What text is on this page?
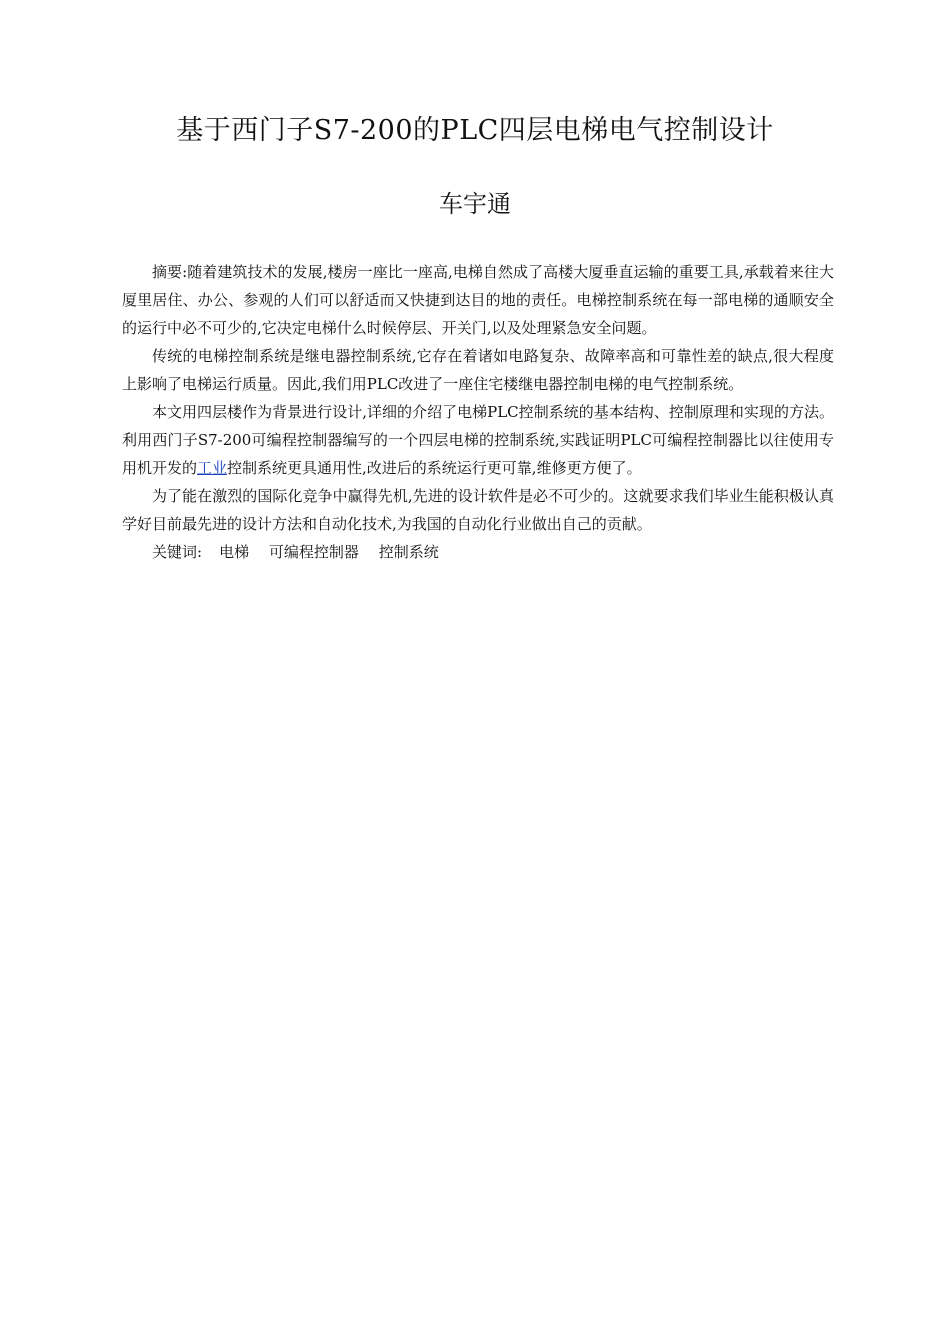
基于西门子S7-200的PLC四层电梯电气控制设计
车宇通

摘要:随着建筑技术的发展,楼房一座比一座高,电梯自然成了高楼大厦垂直运输的重要工具,承载着来往大厦里居住、办公、参观的人们可以舒适而又快捷到达目的地的责任。电梯控制系统在每一部电梯的通顺安全的运行中必不可少的,它决定电梯什么时候停层、开关门,以及处理紧急安全问题。

传统的电梯控制系统是继电器控制系统,它存在着诸如电路复杂、故障率高和可靠性差的缺点,很大程度上影响了电梯运行质量。因此,我们用PLC改进了一座住宅楼继电器控制电梯的电气控制系统。

本文用四层楼作为背景进行设计,详细的介绍了电梯PLC控制系统的基本结构、控制原理和实现的方法。利用西门子S7-200可编程控制器编写的一个四层电梯的控制系统,实践证明PLC可编程控制器比以往使用专用机开发的工业控制系统更具通用性,改进后的系统运行更可靠,维修更方便了。

为了能在激烈的国际化竞争中赢得先机,先进的设计软件是必不可少的。这就要求我们毕业生能积极认真学好目前最先进的设计方法和自动化技术,为我国的自动化行业做出自己的贡献。

关键词: 电梯 可编程控制器 控制系统
